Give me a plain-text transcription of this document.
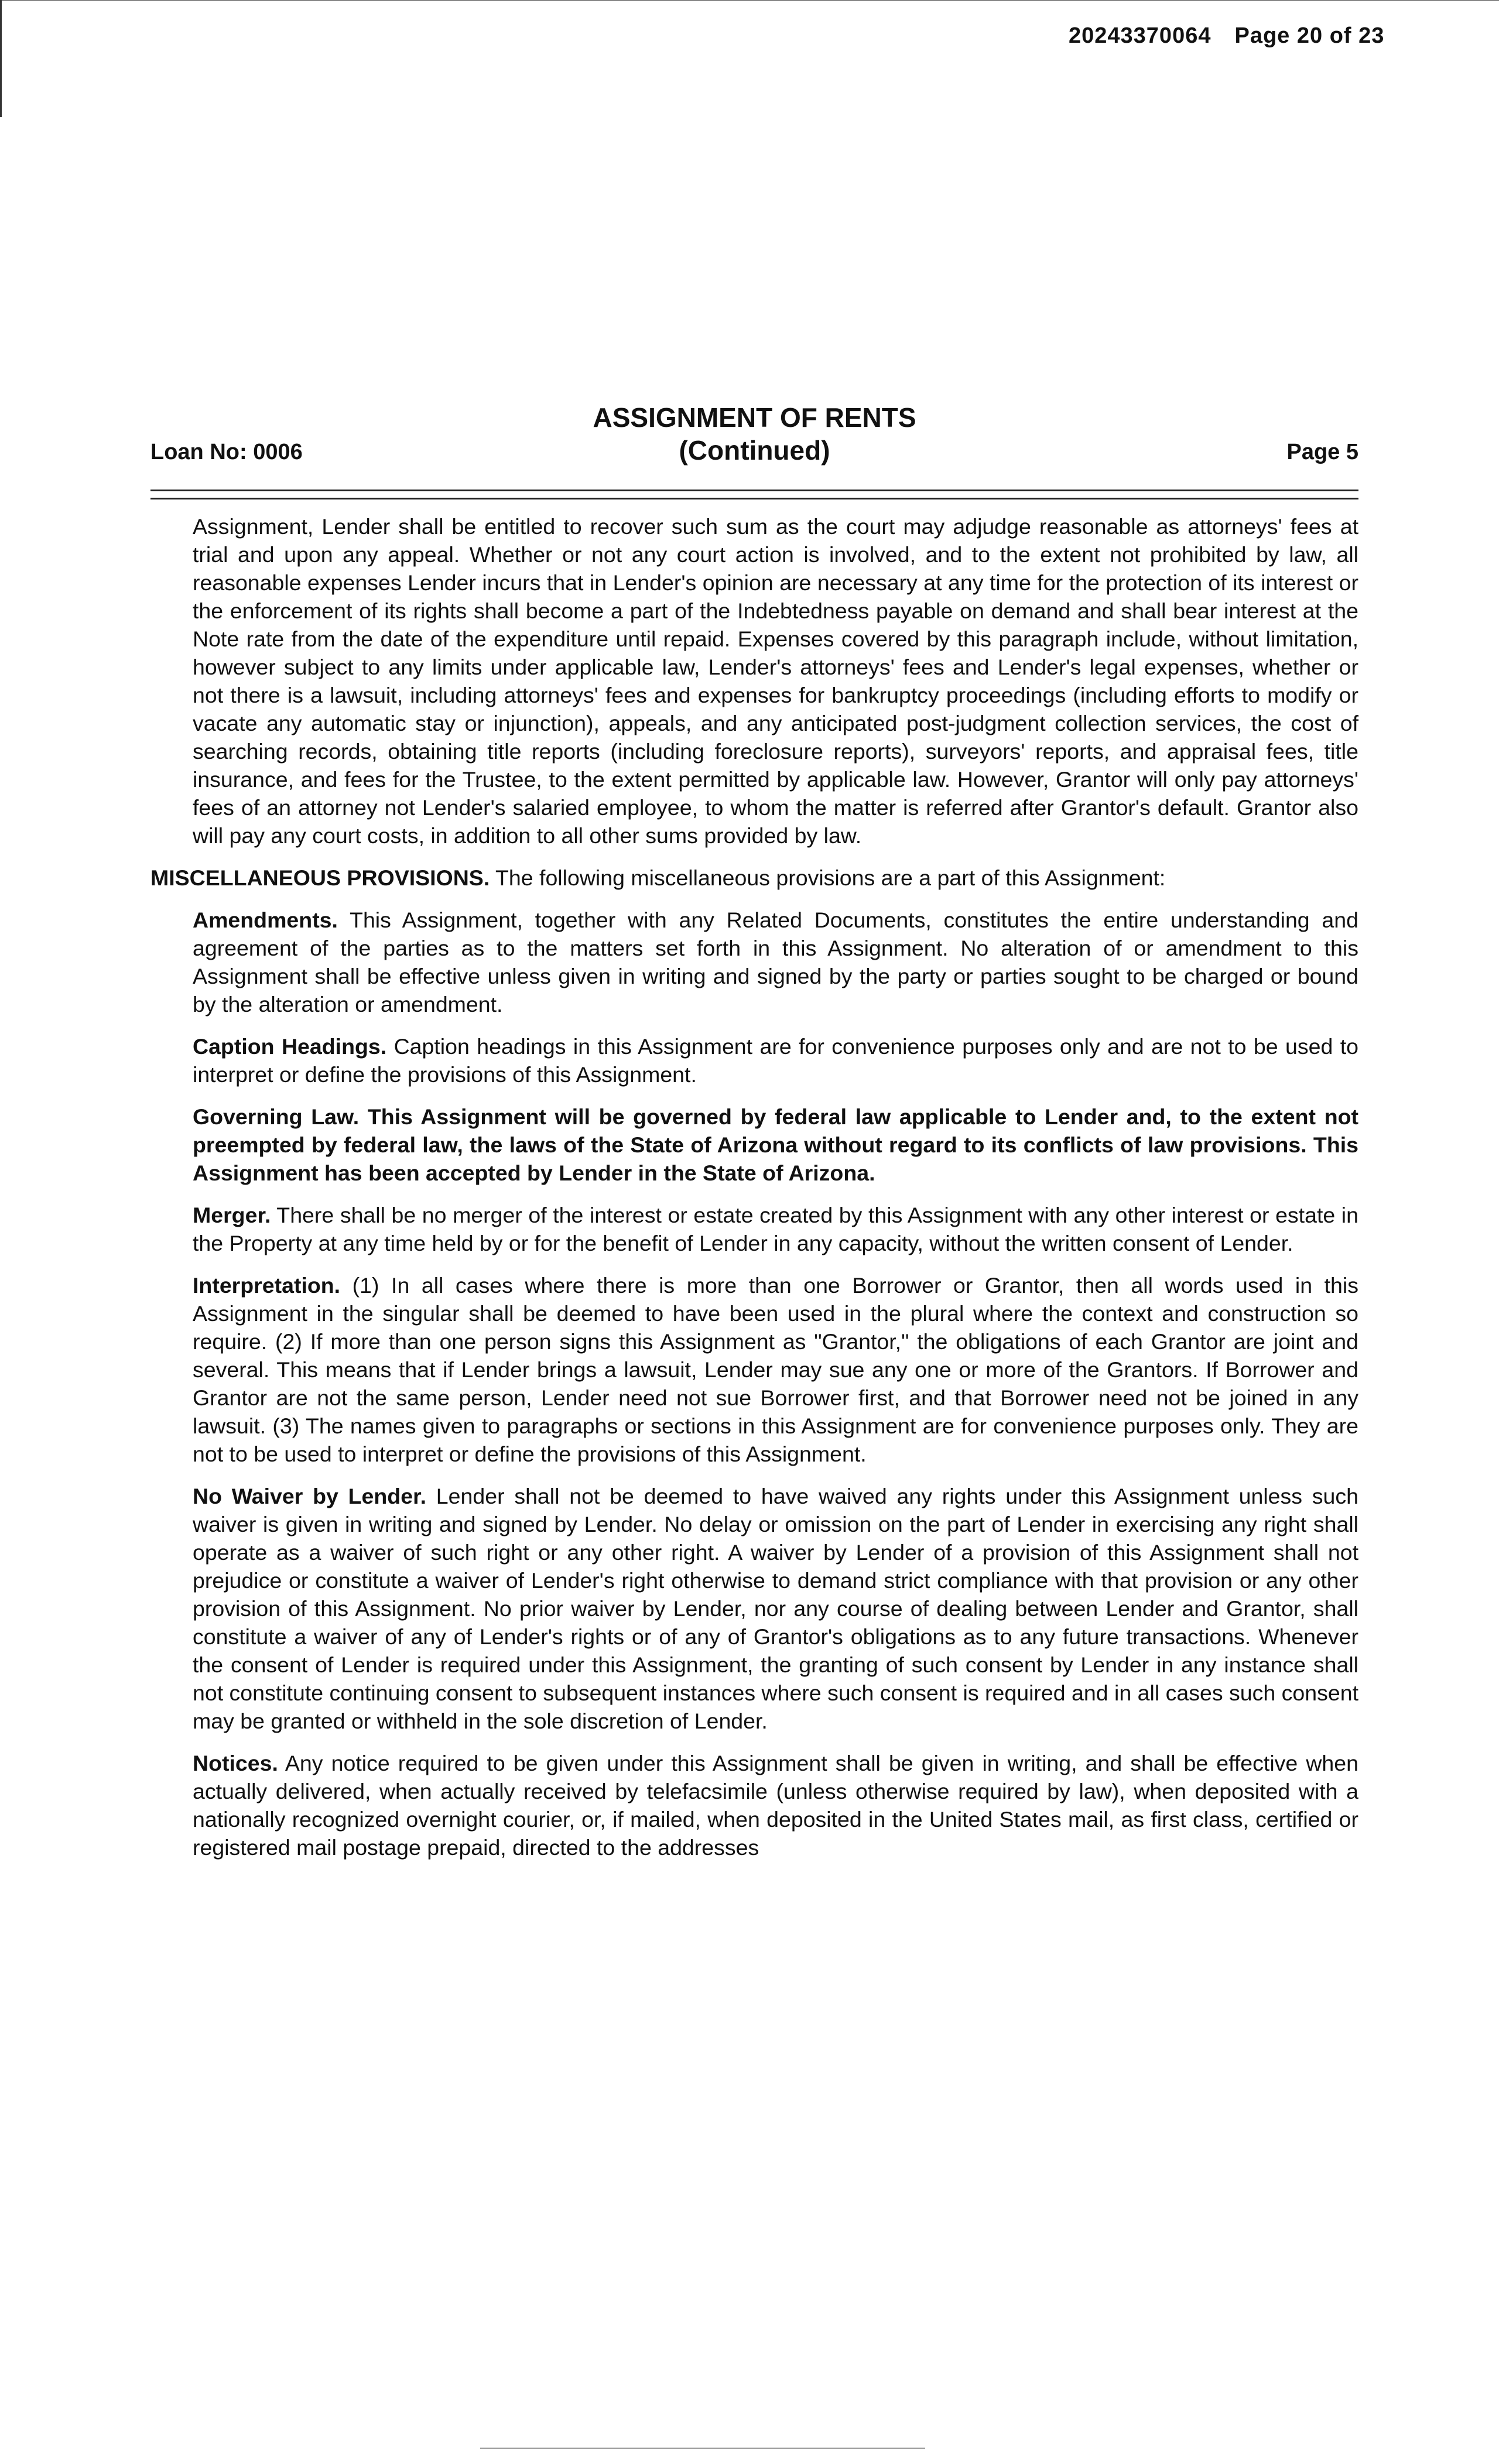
20243370064 Page 20 of 23
ASSIGNMENT OF RENTS
(Continued)
Loan No: 0006	Page 5

Assignment, Lender shall be entitled to recover such sum as the court may adjudge reasonable as attorneys' fees at trial and upon any appeal. Whether or not any court action is involved, and to the extent not prohibited by law, all reasonable expenses Lender incurs that in Lender's opinion are necessary at any time for the protection of its interest or the enforcement of its rights shall become a part of the Indebtedness payable on demand and shall bear interest at the Note rate from the date of the expenditure until repaid. Expenses covered by this paragraph include, without limitation, however subject to any limits under applicable law, Lender's attorneys' fees and Lender's legal expenses, whether or not there is a lawsuit, including attorneys' fees and expenses for bankruptcy proceedings (including efforts to modify or vacate any automatic stay or injunction), appeals, and any anticipated post-judgment collection services, the cost of searching records, obtaining title reports (including foreclosure reports), surveyors' reports, and appraisal fees, title insurance, and fees for the Trustee, to the extent permitted by applicable law. However, Grantor will only pay attorneys' fees of an attorney not Lender's salaried employee, to whom the matter is referred after Grantor's default. Grantor also will pay any court costs, in addition to all other sums provided by law.

MISCELLANEOUS PROVISIONS. The following miscellaneous provisions are a part of this Assignment:

Amendments. This Assignment, together with any Related Documents, constitutes the entire understanding and agreement of the parties as to the matters set forth in this Assignment. No alteration of or amendment to this Assignment shall be effective unless given in writing and signed by the party or parties sought to be charged or bound by the alteration or amendment.

Caption Headings. Caption headings in this Assignment are for convenience purposes only and are not to be used to interpret or define the provisions of this Assignment.

Governing Law. This Assignment will be governed by federal law applicable to Lender and, to the extent not preempted by federal law, the laws of the State of Arizona without regard to its conflicts of law provisions. This Assignment has been accepted by Lender in the State of Arizona.

Merger. There shall be no merger of the interest or estate created by this Assignment with any other interest or estate in the Property at any time held by or for the benefit of Lender in any capacity, without the written consent of Lender.

Interpretation. (1) In all cases where there is more than one Borrower or Grantor, then all words used in this Assignment in the singular shall be deemed to have been used in the plural where the context and construction so require. (2) If more than one person signs this Assignment as "Grantor," the obligations of each Grantor are joint and several. This means that if Lender brings a lawsuit, Lender may sue any one or more of the Grantors. If Borrower and Grantor are not the same person, Lender need not sue Borrower first, and that Borrower need not be joined in any lawsuit. (3) The names given to paragraphs or sections in this Assignment are for convenience purposes only. They are not to be used to interpret or define the provisions of this Assignment.

No Waiver by Lender. Lender shall not be deemed to have waived any rights under this Assignment unless such waiver is given in writing and signed by Lender. No delay or omission on the part of Lender in exercising any right shall operate as a waiver of such right or any other right. A waiver by Lender of a provision of this Assignment shall not prejudice or constitute a waiver of Lender's right otherwise to demand strict compliance with that provision or any other provision of this Assignment. No prior waiver by Lender, nor any course of dealing between Lender and Grantor, shall constitute a waiver of any of Lender's rights or of any of Grantor's obligations as to any future transactions. Whenever the consent of Lender is required under this Assignment, the granting of such consent by Lender in any instance shall not constitute continuing consent to subsequent instances where such consent is required and in all cases such consent may be granted or withheld in the sole discretion of Lender.

Notices. Any notice required to be given under this Assignment shall be given in writing, and shall be effective when actually delivered, when actually received by telefacsimile (unless otherwise required by law), when deposited with a nationally recognized overnight courier, or, if mailed, when deposited in the United States mail, as first class, certified or registered mail postage prepaid, directed to the addresses
